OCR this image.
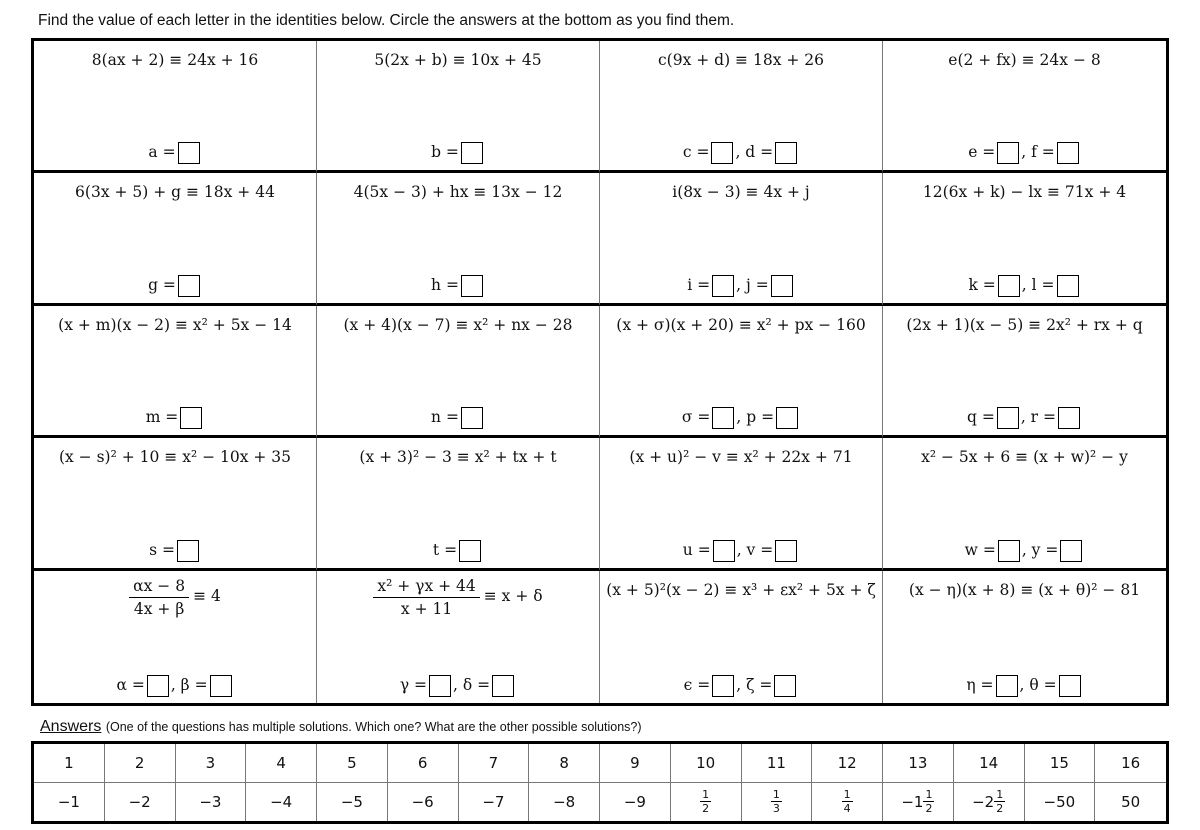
Find the value of each letter in the identities below. Circle the answers at the bottom as you find them.
8(ax + 2) ≡ 24x + 16
a =
5(2x + b) ≡ 10x + 45
b =
c(9x + d) ≡ 18x + 26
c = , d =
e(2 + fx) ≡ 24x − 8
e = , f =
6(3x + 5) + g ≡ 18x + 44
g =
4(5x − 3) + hx ≡ 13x − 12
h =
i(8x − 3) ≡ 4x + j
i = , j =
12(6x + k) − lx ≡ 71x + 4
k = , l =
(x + m)(x − 2) ≡ x² + 5x − 14
m =
(x + 4)(x − 7) ≡ x² + nx − 28
n =
(x + σ)(x + 20) ≡ x² + px − 160
σ = , p =
(2x + 1)(x − 5) ≡ 2x² + rx + q
q = , r =
(x − s)² + 10 ≡ x² − 10x + 35
s =
(x + 3)² − 3 ≡ x² + tx + t
t =
(x + u)² − v ≡ x² + 22x + 71
u = , v =
x² − 5x + 6 ≡ (x + w)² − y
w = , y =
$\frac{\alpha x - 8}{4x + \beta} \equiv 4$
α = , β =
$\frac{\text{x² + γx + 44}}{x + 11} \equiv x + \delta$
γ = , δ =
(x + 5)²(x − 2) ≡ x³ + εx² + 5x + ζ
ϵ = , ζ =
(x − η)(x + 8) ≡ (x + θ)² − 81
η = , θ =
Answers (One of the questions has multiple solutions. Which one? What are the other possible solutions?)
1	2	3	4	5	6	7	8	9	10	11	12	13	14	15	16
−1	−2	−3	−4	−5	−6	−7	−8	−9	$\frac{1}{2}$	$\frac{1}{3}$	$\frac{1}{4}$	$-1 \frac{1}{2}$	$-2 \frac{1}{2}$	−50	50
